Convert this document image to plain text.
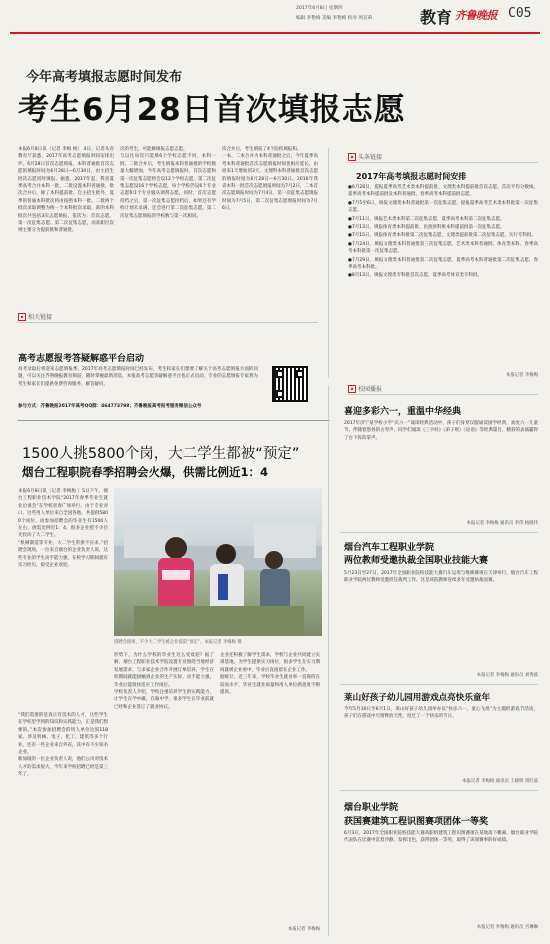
2017年6月8日 星期四
编辑 李艳梅 美编 李艳梅 校对 周宣莉	教育 齐鲁晚报 C05
今年高考填报志愿时间发布
考生6月28日首次填报志愿
本报6月8日讯（记者 李梅 梅） 4日，记者从省教育厅获悉，2017年高考志愿填报时间安排出炉。6月28日首次志愿填报，本科普通批首次志愿的填报时间为6月28日—6月30日，由主招生批次志愿同时填报。据悉，2017年起，我省夏季高考合并本科一批、二批设置本科普通批，批次合并后，除了本科提前批、自主招生批外，夏季的普通本科批次将由按照本科一批、二批两个批次录取调整为统一个本科批次录取，新的本科批次共包括3次志愿填报，依次为：首次志愿、第一次征集志愿、第二次征集志愿，而高职层次则主要分为提前批和普通批。
次的考生，可能修填报志愿志愿。
与以往每次只能填6个学校志愿不同，本科一批、二批合并后，考生填报本科普通批的学校数量大幅增加，今年高考志愿填报时，首次志愿和第一次征集志愿将会设12个学校志愿，第二次征集志愿设16个学校志愿，每个学校仍设6个专业志愿和1个专业服从调剂志愿，同时，首次志愿投档之后，第一次征集志愿投档后，如果还有学校计划未录满，还会进行第二次征集志愿，第二次征集志愿填报的学校数与第一次相同。
次合并后，考生填报了4个院校填报和。
一本、二本合并为本科普通批之后，今年夏季高考本科普通批首次志愿填报时间也相应延长，由原来1天增加到3天，文理科本科普通批首次志愿的填报时间为6月28日—6月30日。2016年我省本科一批首次志愿填报时间为7月2日，二本首次志愿填报时间为7月4日，第一次征集志愿填报时间为7月5日，第二次征集志愿填报时间为7月6日。
头条链接
2017年高考填报志愿时间安排
●6月28日，提报夏季高考艺术类本科提前批、文理类本科提前批首次志愿，首次平均分数线，夏季高考本科提前批及本科普通批、春季高考本科提前批志愿。
●7月5至6日，填报文理类本科普通批第一次征集志愿，提报夏季高考艺术类本科批第一次征集志愿。
●7月11日，填报艺术类本科第二次征集志愿，夏季高考本科第二次征集志愿。
●7月13日，填报体育类本科提前批、民族预科班本科提前批第一次征集志愿。
●7月15日，填报体育类本科批第二次征集志愿，文理类提前批第二次征集志愿，实行专科批。
●7月24日，填报文理类本科普通批第三次征集志愿。艺术类本科普通批、体育类本科、春季高考本科批第一次征集志愿。
●7月29日，填报文理类本科普通批第二次征集志愿，夏季高考本科普通批第二次征集志愿，春季高考本科批。
●8月13日，填报文理类专科批首次志愿，夏季高考体育类专科批。
本报记者 李梅梅
相关链接
高考志愿报考答疑解惑平台启动
高考录取后将迎来志愿填报季。2017年高考志愿填报时间已经发布，考生和家长们想要了解关于高考志愿填报方面的问题，可以关注齐鲁晚报教育频道，随时掌握最新消息，本报高考志愿答疑解惑平台也正式启动，专业的志愿填报专家将为考生和家长们提供免费咨询服务，解答疑问。
参与方式：齐鲁晚报2017年高考QQ群：464773798；齐鲁晚报高考报考服务微信公众号
1500人挑5800个岗，大二学生都被“预定”
烟台工程职院春季招聘会火爆，供需比例近1：4
本报6月8日讯（记者 李梅梅 ）5日下午，烟台工程职业技术学院“2017年春季毕业生就业洽谈会”在学校青春广场举行。由于专业对口，这些用人单位来自全国各地，共提供5800个岗位，而参加招聘会的毕业生有1500人左右，供需比例近1：4，很多企业把不少目光投向了大二学生。
“机械制造等专业，大二学生常供不应求。”招聘会现场，一位来自烟台的企业负责人说，这些专业的学生动手能力强，在校学习期间就有实习经历，很受企业欢迎。
“我们需要的是真正有技术的人才，这些学生在学校里学到的知识和实践能力，正是我们想要的。”本次参加招聘会的用人单位达到118家，涉及机械、电子、化工、建筑等多个行业，还有一些企业来自外省，其中有不少知名企业。
新加坡的一位企业负责人说，他们公司对技术人才的需求很大，今年来学校招聘已经是第三年了。
招聘会现场，不少大二学生被企业提前“预定”。本报记者 李梅梅 摄
形势下，为什么学校的毕业生这么受欢迎？据了解，烟台工程职业技术学院设置专业围绕当地经济发展需求，与多家企业合作开展订单培养，学生在校期间就能接触到企业的生产实际，动手能力强，毕业后能很快适应工作岗位。
学校负责人介绍，学校注重培养学生的实践能力，让学生在学中做、在做中学，很多学生在毕业前就已经和企业签订了就业协议。
企业还积极了解学生需求，学校与企业共同建立实训基地，为学生提供实习岗位，很多学生在实习期间就被企业看中，毕业后直接留在企业工作。
据统计，近三年来，学校毕业生就业率一直保持在较高水平，毕业生就业质量和用人单位满意度不断提高。
本报记者 李梅梅
校园播报
喜迎多彩六一，重温中华经典
2017年济宁某学校小学“庆六一”诵读经典活动中，孩子们身穿汉服诵读国学经典，欢度六一儿童节。伴随着悠扬的古琴声，同学们诵读《三字经》《弟子规》《论语》等经典篇目，精彩的表演赢得了台下阵阵掌声。
本报记者 李梅梅 通讯员 李伟 杨晓伟
烟台汽车工程职业学院
两位教师受邀执裁全国职业技能大赛
5月23日至27日，2017年全国职业院校技能大赛汽车运用与维修赛项在天津举行，烟台汽车工程职业学院两位教师受邀担任裁判工作。这是该院教师连续多年受邀执裁国赛。
本报记者 李梅梅 通讯员 刘秀波
莱山好孩子幼儿园用游戏点亮快乐童年
今年5月30日至6月1日，莱山好孩子幼儿园举办以“快乐六一，童心飞扬”为主题的游戏节活动，孩子们在游戏中尽情释放天性，度过了一个快乐的节日。
本报记者 李梅梅 通讯员 王晓明 周红波
烟台职业学院
获国赛建筑工程识图赛项团体一等奖
6月3日，2017年全国职业院校技能大赛高职组建筑工程识图赛项在某地落下帷幕，烟台职业学院代表队在比赛中沉着冷静、发挥出色，获得团体一等奖，取得了该项赛事的好成绩。
本报记者 李梅梅 通讯员 宫琳琳
